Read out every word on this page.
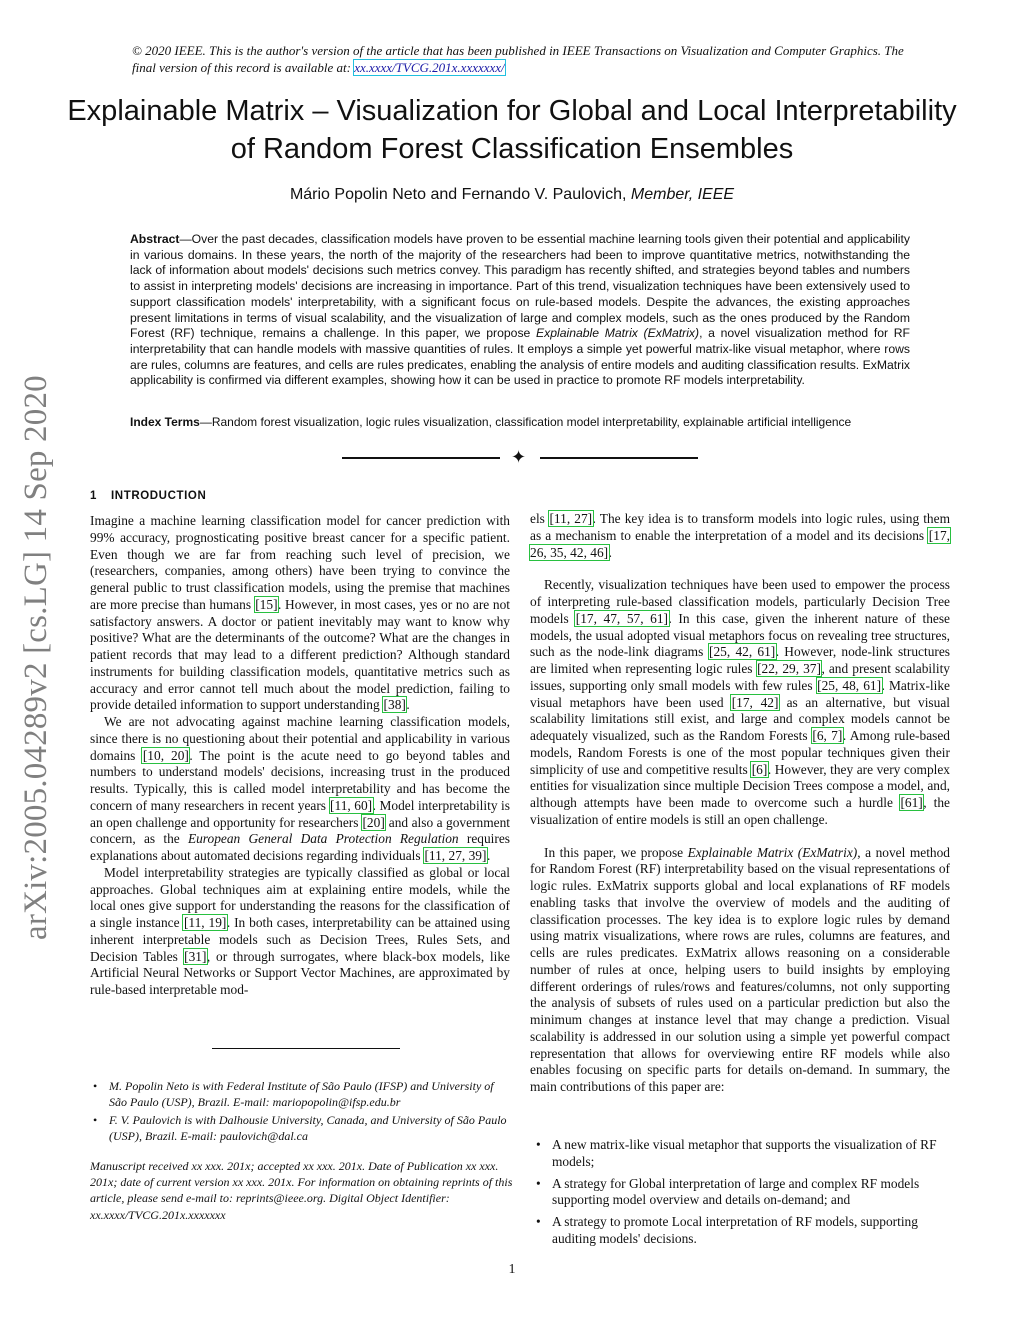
© 2020 IEEE. This is the author's version of the article that has been published in IEEE Transactions on Visualization and Computer Graphics. The final version of this record is available at: xx.xxxx/TVCG.201x.xxxxxxx/
Explainable Matrix – Visualization for Global and Local Interpretability of Random Forest Classification Ensembles
Mário Popolin Neto and Fernando V. Paulovich, Member, IEEE
Abstract—Over the past decades, classification models have proven to be essential machine learning tools given their potential and applicability in various domains. In these years, the north of the majority of the researchers had been to improve quantitative metrics, notwithstanding the lack of information about models' decisions such metrics convey. This paradigm has recently shifted, and strategies beyond tables and numbers to assist in interpreting models' decisions are increasing in importance. Part of this trend, visualization techniques have been extensively used to support classification models' interpretability, with a significant focus on rule-based models. Despite the advances, the existing approaches present limitations in terms of visual scalability, and the visualization of large and complex models, such as the ones produced by the Random Forest (RF) technique, remains a challenge. In this paper, we propose Explainable Matrix (ExMatrix), a novel visualization method for RF interpretability that can handle models with massive quantities of rules. It employs a simple yet powerful matrix-like visual metaphor, where rows are rules, columns are features, and cells are rules predicates, enabling the analysis of entire models and auditing classification results. ExMatrix applicability is confirmed via different examples, showing how it can be used in practice to promote RF models interpretability.
Index Terms—Random forest visualization, logic rules visualization, classification model interpretability, explainable artificial intelligence
✦
arXiv:2005.04289v2 [cs.LG] 14 Sep 2020	1 INTRODUCTION

Imagine a machine learning classification model for cancer prediction with 99% accuracy, prognosticating positive breast cancer for a specific patient. Even though we are far from reaching such level of precision, we (researchers, companies, among others) have been trying to convince the general public to trust classification models, using the premise that machines are more precise than humans [15]. However, in most cases, yes or no are not satisfactory answers. A doctor or patient inevitably may want to know why positive? What are the determinants of the outcome? What are the changes in patient records that may lead to a different prediction? Although standard instruments for building classification models, quantitative metrics such as accuracy and error cannot tell much about the model prediction, failing to provide detailed information to support understanding [38].

We are not advocating against machine learning classification models, since there is no questioning about their potential and applicability in various domains [10, 20]. The point is the acute need to go beyond tables and numbers to understand models' decisions, increasing trust in the produced results. Typically, this is called model interpretability and has become the concern of many researchers in recent years [11, 60]. Model interpretability is an open challenge and opportunity for researchers [20] and also a government concern, as the European General Data Protection Regulation requires explanations about automated decisions regarding individuals [11, 27, 39].

Model interpretability strategies are typically classified as global or local approaches. Global techniques aim at explaining entire models, while the local ones give support for understanding the reasons for the classification of a single instance [11, 19]. In both cases, interpretability can be attained using inherent interpretable models such as Decision Trees, Rules Sets, and Decision Tables [31], or through surrogates, where black-box models, like Artificial Neural Networks or Support Vector Machines, are approximated by rule-based interpretable mod-

• M. Popolin Neto is with Federal Institute of São Paulo (IFSP) and University of São Paulo (USP), Brazil. E-mail: mariopopolin@ifsp.edu.br
• F. V. Paulovich is with Dalhousie University, Canada, and University of São Paulo (USP), Brazil. E-mail: paulovich@dal.ca
Manuscript received xx xxx. 201x; accepted xx xxx. 201x. Date of Publication xx xxx. 201x; date of current version xx xxx. 201x. For information on obtaining reprints of this article, please send e-mail to: reprints@ieee.org. Digital Object Identifier: xx.xxxx/TVCG.201x.xxxxxxx

els [11, 27]. The key idea is to transform models into logic rules, using them as a mechanism to enable the interpretation of a model and its decisions [17, 26, 35, 42, 46].

Recently, visualization techniques have been used to empower the process of interpreting rule-based classification models, particularly Decision Tree models [17, 47, 57, 61]. In this case, given the inherent nature of these models, the usual adopted visual metaphors focus on revealing tree structures, such as the node-link diagrams [25, 42, 61]. However, node-link structures are limited when representing logic rules [22, 29, 37], and present scalability issues, supporting only small models with few rules [25, 48, 61]. Matrix-like visual metaphors have been used [17, 42] as an alternative, but visual scalability limitations still exist, and large and complex models cannot be adequately visualized, such as the Random Forests [6, 7]. Among rule-based models, Random Forests is one of the most popular techniques given their simplicity of use and competitive results [6]. However, they are very complex entities for visualization since multiple Decision Trees compose a model, and, although attempts have been made to overcome such a hurdle [61], the visualization of entire models is still an open challenge.

In this paper, we propose Explainable Matrix (ExMatrix), a novel method for Random Forest (RF) interpretability based on the visual representations of logic rules. ExMatrix supports global and local explanations of RF models enabling tasks that involve the overview of models and the auditing of classification processes. The key idea is to explore logic rules by demand using matrix visualizations, where rows are rules, columns are features, and cells are rules predicates. ExMatrix allows reasoning on a considerable number of rules at once, helping users to build insights by employing different orderings of rules/rows and features/columns, not only supporting the analysis of subsets of rules used on a particular prediction but also the minimum changes at instance level that may change a prediction. Visual scalability is addressed in our solution using a simple yet powerful compact representation that allows for overviewing entire RF models while also enables focusing on specific parts for details on-demand. In summary, the main contributions of this paper are:

• A new matrix-like visual metaphor that supports the visualization of RF models;
• A strategy for Global interpretation of large and complex RF models supporting model overview and details on-demand; and
• A strategy to promote Local interpretation of RF models, supporting auditing models' decisions.
1
